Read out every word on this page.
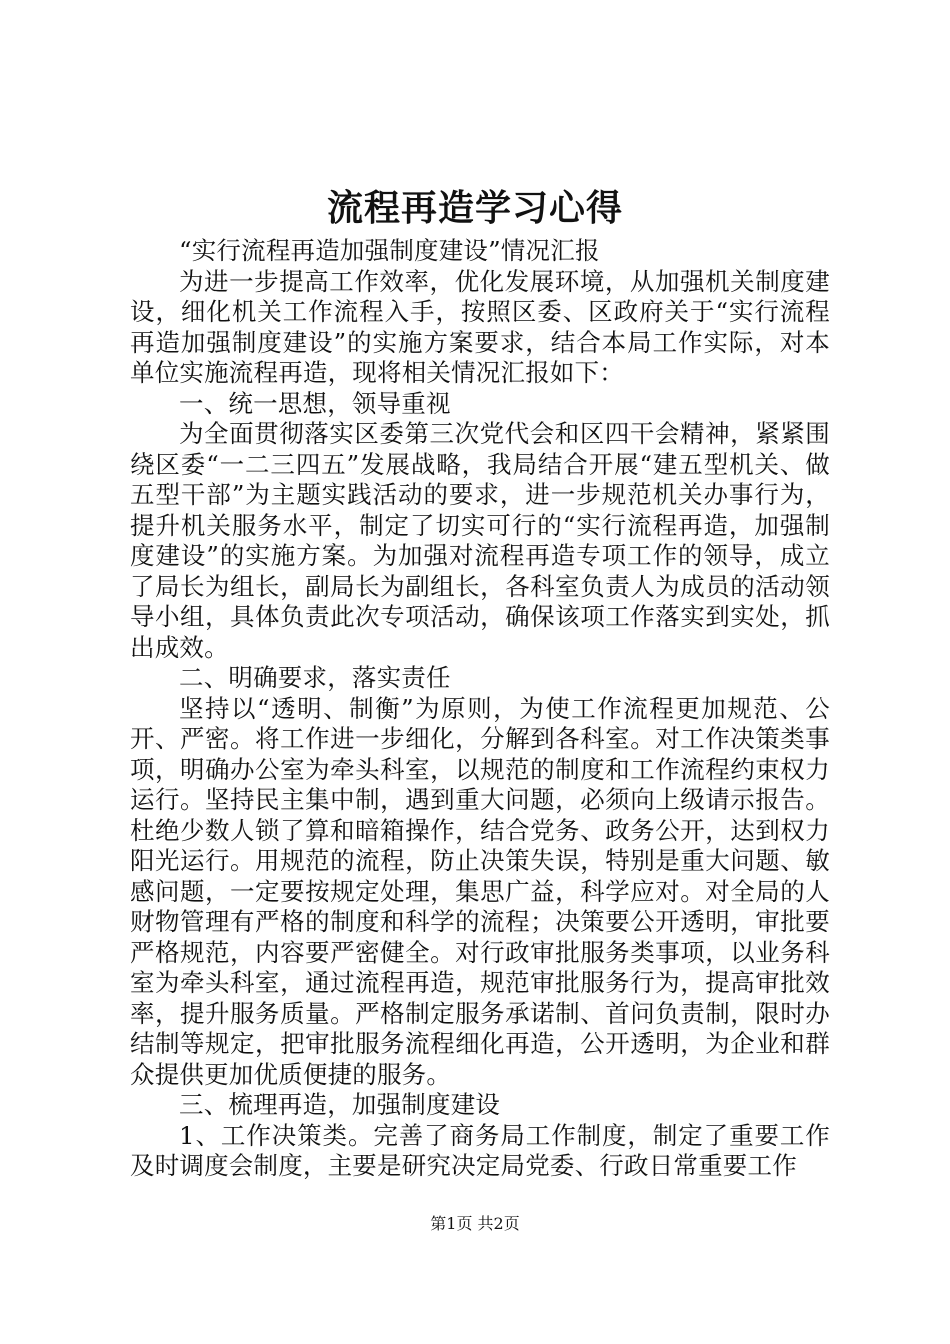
流程再造学习心得

“实行流程再造加强制度建设”情况汇报

为进一步提高工作效率，优化发展环境，从加强机关制度建设，细化机关工作流程入手，按照区委、区政府关于“实行流程再造加强制度建设”的实施方案要求，结合本局工作实际，对本单位实施流程再造，现将相关情况汇报如下：

一、统一思想，领导重视

为全面贯彻落实区委第三次党代会和区四干会精神，紧紧围绕区委“一二三四五”发展战略，我局结合开展“建五型机关、做五型干部”为主题实践活动的要求，进一步规范机关办事行为，提升机关服务水平，制定了切实可行的“实行流程再造，加强制度建设”的实施方案。为加强对流程再造专项工作的领导，成立了局长为组长，副局长为副组长，各科室负责人为成员的活动领导小组，具体负责此次专项活动，确保该项工作落实到实处，抓出成效。

二、明确要求，落实责任

坚持以“透明、制衡”为原则，为使工作流程更加规范、公开、严密。将工作进一步细化，分解到各科室。对工作决策类事项，明确办公室为牵头科室，以规范的制度和工作流程约束权力运行。坚持民主集中制，遇到重大问题，必须向上级请示报告。杜绝少数人锁了算和暗箱操作，结合党务、政务公开，达到权力阳光运行。用规范的流程，防止决策失误，特别是重大问题、敏感问题，一定要按规定处理，集思广益，科学应对。对全局的人财物管理有严格的制度和科学的流程；决策要公开透明，审批要严格规范，内容要严密健全。对行政审批服务类事项，以业务科室为牵头科室，通过流程再造，规范审批服务行为，提高审批效率，提升服务质量。严格制定服务承诺制、首问负责制，限时办结制等规定，把审批服务流程细化再造，公开透明，为企业和群众提供更加优质便捷的服务。

三、梳理再造，加强制度建设

1、工作决策类。完善了商务局工作制度，制定了重要工作及时调度会制度，主要是研究决定局党委、行政日常重要工作

第1页 共2页
